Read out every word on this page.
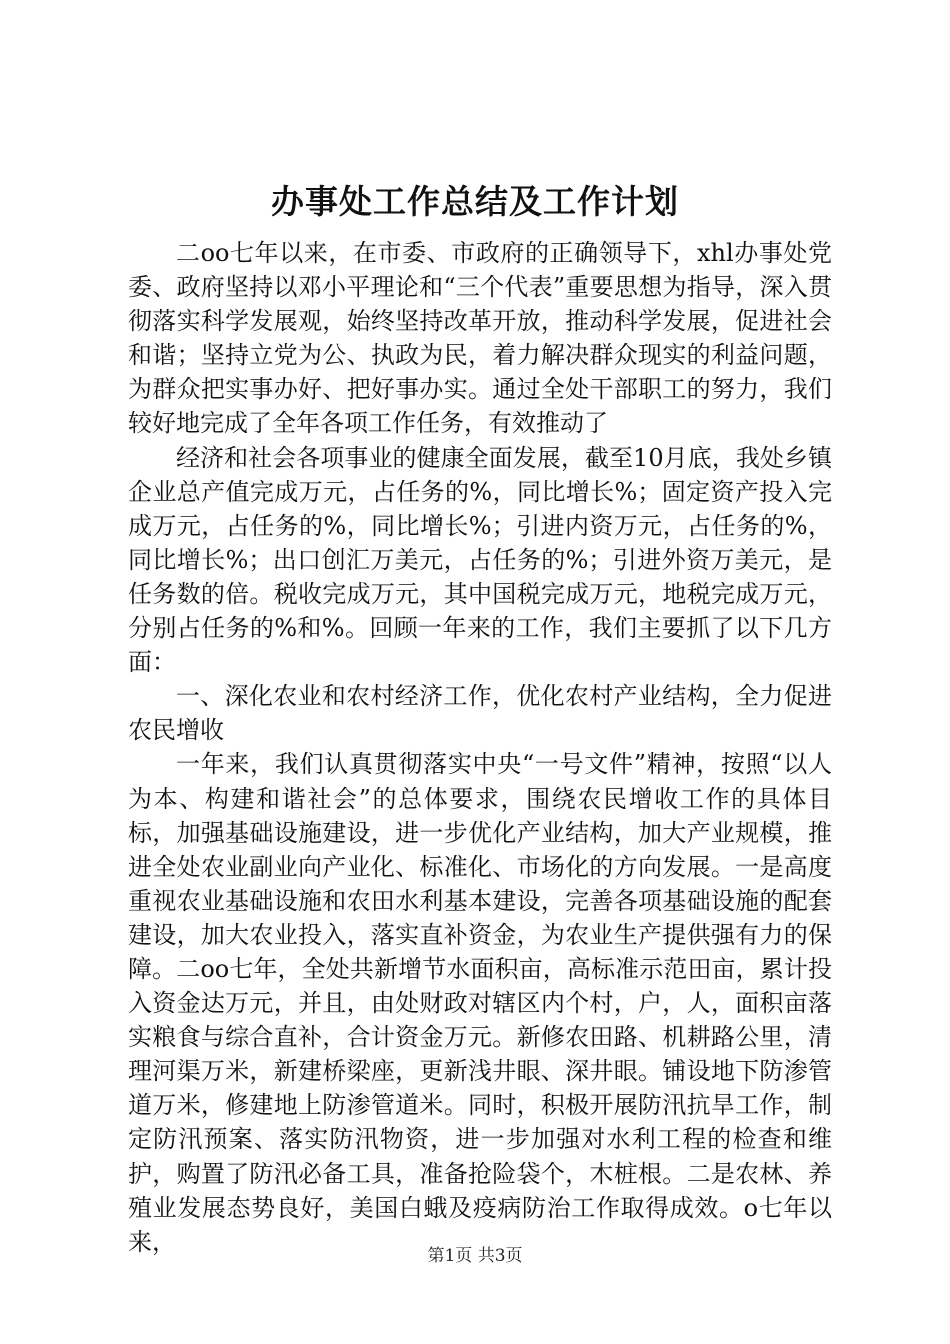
办事处工作总结及工作计划

二oo七年以来，在市委、市政府的正确领导下，xhl办事处党委、政府坚持以邓小平理论和“三个代表”重要思想为指导，深入贯彻落实科学发展观，始终坚持改革开放，推动科学发展，促进社会和谐；坚持立党为公、执政为民，着力解决群众现实的利益问题，为群众把实事办好、把好事办实。通过全处干部职工的努力，我们较好地完成了全年各项工作任务，有效推动了

经济和社会各项事业的健康全面发展，截至10月底，我处乡镇企业总产值完成万元，占任务的%，同比增长%；固定资产投入完成万元，占任务的%，同比增长%；引进内资万元，占任务的%，同比增长%；出口创汇万美元，占任务的%；引进外资万美元，是任务数的倍。税收完成万元，其中国税完成万元，地税完成万元，分别占任务的%和%。回顾一年来的工作，我们主要抓了以下几方面：

一、深化农业和农村经济工作，优化农村产业结构，全力促进农民增收

一年来，我们认真贯彻落实中央“一号文件”精神，按照“以人为本、构建和谐社会”的总体要求，围绕农民增收工作的具体目标，加强基础设施建设，进一步优化产业结构，加大产业规模，推进全处农业副业向产业化、标准化、市场化的方向发展。一是高度重视农业基础设施和农田水利基本建设，完善各项基础设施的配套建设，加大农业投入，落实直补资金，为农业生产提供强有力的保障。二oo七年，全处共新增节水面积亩，高标准示范田亩，累计投入资金达万元，并且，由处财政对辖区内个村，户，人，面积亩落实粮食与综合直补，合计资金万元。新修农田路、机耕路公里，清理河渠万米，新建桥梁座，更新浅井眼、深井眼。铺设地下防渗管道万米，修建地上防渗管道米。同时，积极开展防汛抗旱工作，制定防汛预案、落实防汛物资，进一步加强对水利工程的检查和维护，购置了防汛必备工具，准备抢险袋个，木桩根。二是农林、养殖业发展态势良好，美国白蛾及疫病防治工作取得成效。o七年以来，

第1页 共3页
